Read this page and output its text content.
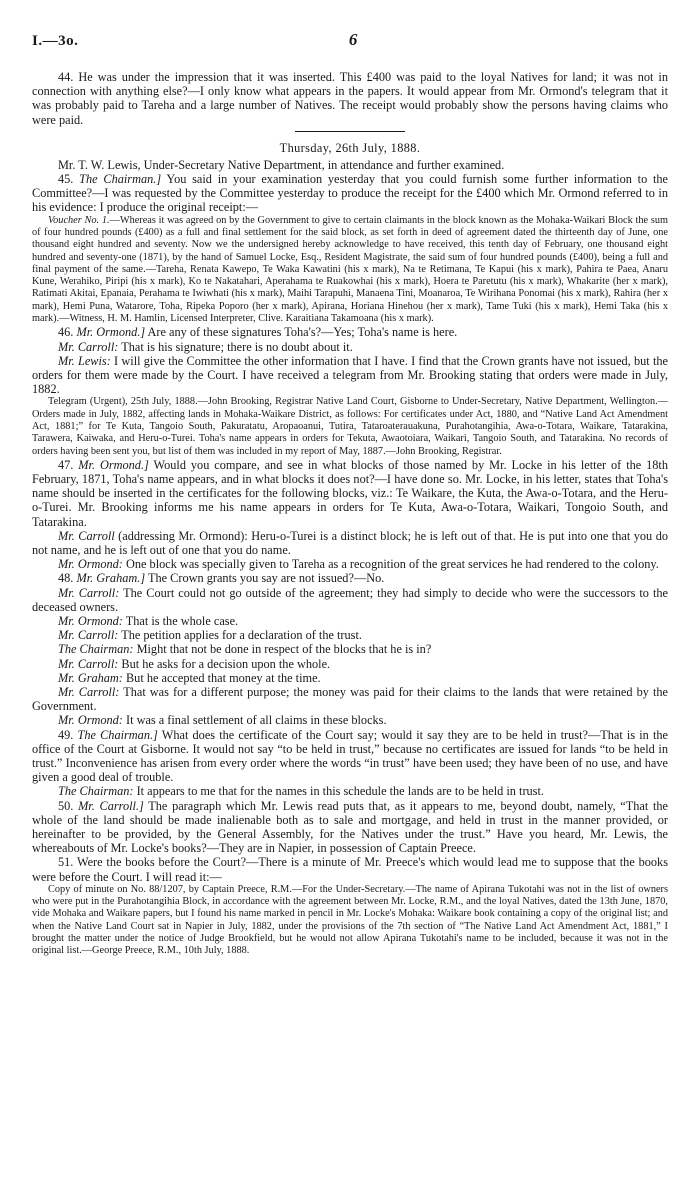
I.—3o.	6

44. He was under the impression that it was inserted. This £400 was paid to the loyal Natives for land; it was not in connection with anything else?—I only know what appears in the papers. It would appear from Mr. Ormond's telegram that it was probably paid to Tareha and a large number of Natives. The receipt would probably show the persons having claims who were paid.

Thursday, 26th July, 1888.

Mr. T. W. Lewis, Under-Secretary Native Department, in attendance and further examined.

45. The Chairman.] You said in your examination yesterday that you could furnish some further information to the Committee?—I was requested by the Committee yesterday to produce the receipt for the £400 which Mr. Ormond referred to in his evidence: I produce the original receipt:—

Voucher No. 1.—Whereas it was agreed on by the Government to give to certain claimants in the block known as the Mohaka-Waikari Block the sum of four hundred pounds (£400) as a full and final settlement for the said block, as set forth in deed of agreement dated the thirteenth day of June, one thousand eight hundred and seventy. Now we the undersigned hereby acknowledge to have received, this tenth day of February, one thousand eight hundred and seventy-one (1871), by the hand of Samuel Locke, Esq., Resident Magistrate, the said sum of four hundred pounds (£400), being a full and final payment of the same.—Tareha, Renata Kawepo, Te Waka Kawatini (his x mark), Na te Retimana, Te Kapui (his x mark), Pahira te Paea, Anaru Kune, Werahiko, Piripi (his x mark), Ko te Nakatahari, Aperahama te Ruakowhai (his x mark), Hoera te Paretutu (his x mark), Whakarite (her x mark), Ratimati Akitai, Epanaia, Perahama te Iwiwhati (his x mark), Maihi Tarapuhi, Manaena Tini, Moanaroa, Te Wirihana Ponomai (his x mark), Rahira (her x mark), Hemi Puna, Watarore, Toha, Ripeka Poporo (her x mark), Apirana, Horiana Hinehou (her x mark), Tame Tuki (his x mark), Hemi Taka (his x mark).—Witness, H. M. Hamlin, Licensed Interpreter, Clive. Karaitiana Takamoana (his x mark).

46. Mr. Ormond.] Are any of these signatures Toha's?—Yes; Toha's name is here.

Mr. Carroll: That is his signature; there is no doubt about it.

Mr. Lewis: I will give the Committee the other information that I have. I find that the Crown grants have not issued, but the orders for them were made by the Court. I have received a telegram from Mr. Brooking stating that orders were made in July, 1882.

Telegram (Urgent), 25th July, 1888.—John Brooking, Registrar Native Land Court, Gisborne to Under-Secretary, Native Department, Wellington.—Orders made in July, 1882, affecting lands in Mohaka-Waikare District, as follows: For certificates under Act, 1880, and “Native Land Act Amendment Act, 1881;” for Te Kuta, Tangoio South, Pakuratatu, Aropaoanui, Tutira, Tataroaterauakuna, Purahotangihia, Awa-o-Totara, Waikare, Tatarakina, Tarawera, Kaiwaka, and Heru-o-Turei. Toha's name appears in orders for Tekuta, Awaotoiara, Waikari, Tangoio South, and Tatarakina. No records of orders having been sent you, but list of them was included in my report of May, 1887.—John Brooking, Registrar.

47. Mr. Ormond.] Would you compare, and see in what blocks of those named by Mr. Locke in his letter of the 18th February, 1871, Toha's name appears, and in what blocks it does not?—I have done so. Mr. Locke, in his letter, states that Toha's name should be inserted in the certificates for the following blocks, viz.: Te Waikare, the Kuta, the Awa-o-Totara, and the Heru-o-Turei. Mr. Brooking informs me his name appears in orders for Te Kuta, Awa-o-Totara, Waikari, Tongoio South, and Tatarakina.

Mr. Carroll (addressing Mr. Ormond): Heru-o-Turei is a distinct block; he is left out of that. He is put into one that you do not name, and he is left out of one that you do name.

Mr. Ormond: One block was specially given to Tareha as a recognition of the great services he had rendered to the colony.

48. Mr. Graham.] The Crown grants you say are not issued?—No.

Mr. Carroll: The Court could not go outside of the agreement; they had simply to decide who were the successors to the deceased owners.

Mr. Ormond: That is the whole case.

Mr. Carroll: The petition applies for a declaration of the trust.

The Chairman: Might that not be done in respect of the blocks that he is in?

Mr. Carroll: But he asks for a decision upon the whole.

Mr. Graham: But he accepted that money at the time.

Mr. Carroll: That was for a different purpose; the money was paid for their claims to the lands that were retained by the Government.

Mr. Ormond: It was a final settlement of all claims in these blocks.

49. The Chairman.] What does the certificate of the Court say; would it say they are to be held in trust?—That is in the office of the Court at Gisborne. It would not say “to be held in trust,” because no certificates are issued for lands “to be held in trust.” Inconvenience has arisen from every order where the words “in trust” have been used; they have been of no use, and have given a good deal of trouble.

The Chairman: It appears to me that for the names in this schedule the lands are to be held in trust.

50. Mr. Carroll.] The paragraph which Mr. Lewis read puts that, as it appears to me, beyond doubt, namely, “That the whole of the land should be made inalienable both as to sale and mortgage, and held in trust in the manner provided, or hereinafter to be provided, by the General Assembly, for the Natives under the trust.” Have you heard, Mr. Lewis, the whereabouts of Mr. Locke's books?—They are in Napier, in possession of Captain Preece.

51. Were the books before the Court?—There is a minute of Mr. Preece's which would lead me to suppose that the books were before the Court. I will read it:—

Copy of minute on No. 88/1207, by Captain Preece, R.M.—For the Under-Secretary.—The name of Apirana Tukotahi was not in the list of owners who were put in the Purahotangihia Block, in accordance with the agreement between Mr. Locke, R.M., and the loyal Natives, dated the 13th June, 1870, vide Mohaka and Waikare papers, but I found his name marked in pencil in Mr. Locke's Mohaka: Waikare book containing a copy of the original list; and when the Native Land Court sat in Napier in July, 1882, under the provisions of the 7th section of “The Native Land Act Amendment Act, 1881,” I brought the matter under the notice of Judge Brookfield, but he would not allow Apirana Tukotahi's name to be included, because it was not in the original list.—George Preece, R.M., 10th July, 1888.
